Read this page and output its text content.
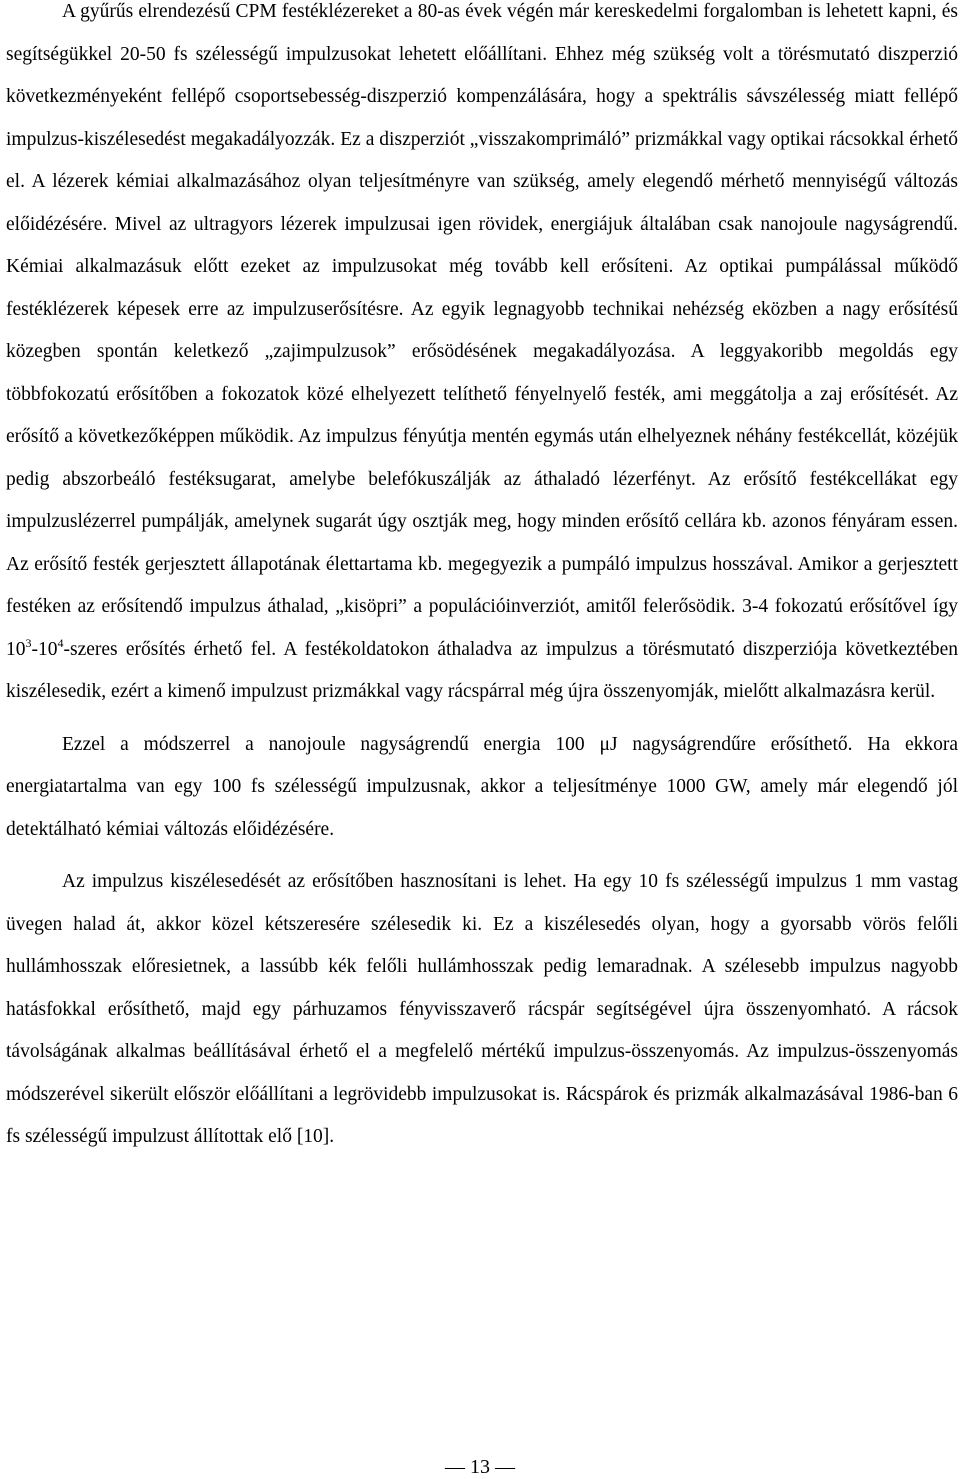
A gyűrűs elrendezésű CPM festéklézereket a 80-as évek végén már kereskedelmi forgalomban is lehetett kapni, és segítségükkel 20-50 fs szélességű impulzusokat lehetett előállítani. Ehhez még szükség volt a törésmutató diszperzió következményeként fellépő csoportsebesség-diszperzió kompenzálására, hogy a spektrális sávszélesség miatt fellépő impulzus-kiszélesedést megakadályozzák. Ez a diszperziót „visszakomprimáló” prizmákkal vagy optikai rácsokkal érhető el. A lézerek kémiai alkalmazásához olyan teljesítményre van szükség, amely elegendő mérhető mennyiségű változás előidézésére. Mivel az ultragyors lézerek impulzusai igen rövidek, energiájuk általában csak nanojoule nagyságrendű. Kémiai alkalmazásuk előtt ezeket az impulzusokat még tovább kell erősíteni. Az optikai pumpálással működő festéklézerek képesek erre az impulzuserősítésre. Az egyik legnagyobb technikai nehézség eközben a nagy erősítésű közegben spontán keletkező „zajimpulzusok” erősödésének megakadályozása. A leggyakoribb megoldás egy többfokozatú erősítőben a fokozatok közé elhelyezett telíthető fényelnyelő festék, ami meggátolja a zaj erősítését. Az erősítő a következőképpen működik. Az impulzus fényútja mentén egymás után elhelyeznek néhány festékcellát, közéjük pedig abszorbeáló festéksugarat, amelybe belefókuszálják az áthaladó lézerfényt. Az erősítő festékcellákat egy impulzuslézerrel pumpálják, amelynek sugarát úgy osztják meg, hogy minden erősítő cellára kb. azonos fényáram essen. Az erősítő festék gerjesztett állapotának élettartama kb. megegyezik a pumpáló impulzus hosszával. Amikor a gerjesztett festéken az erősítendő impulzus áthalad, „kisöpri” a populációinverziót, amitől felerősödik. 3-4 fokozatú erősítővel így $10^3-10^4$-szeres erősítés érhető fel. A festékoldatokon áthaladva az impulzus a törésmutató diszperziója következtében kiszélesedik, ezért a kimenő impulzust prizmákkal vagy rácspárral még újra összenyomják, mielőtt alkalmazásra kerül.

Ezzel a módszerrel a nanojoule nagyságrendű energia 100 μJ nagyságrendűre erősíthető. Ha ekkora energiatartalma van egy 100 fs szélességű impulzusnak, akkor a teljesítménye 1000 GW, amely már elegendő jól detektálható kémiai változás előidézésére.

Az impulzus kiszélesedését az erősítőben hasznosítani is lehet. Ha egy 10 fs szélességű impulzus 1 mm vastag üvegen halad át, akkor közel kétszeresére szélesedik ki. Ez a kiszélesedés olyan, hogy a gyorsabb vörös felőli hullámhosszak előresietnek, a lassúbb kék felőli hullámhosszak pedig lemaradnak. A szélesebb impulzus nagyobb hatásfokkal erősíthető, majd egy párhuzamos fényvisszaverő rácspár segítségével újra összenyomható. A rácsok távolságának alkalmas beállításával érhető el a megfelelő mértékű impulzus-összenyomás. Az impulzus-összenyomás módszerével sikerült először előállítani a legrövidebb impulzusokat is. Rácspárok és prizmák alkalmazásával 1986-ban 6 fs szélességű impulzust állítottak elő [10].

— 13 —
